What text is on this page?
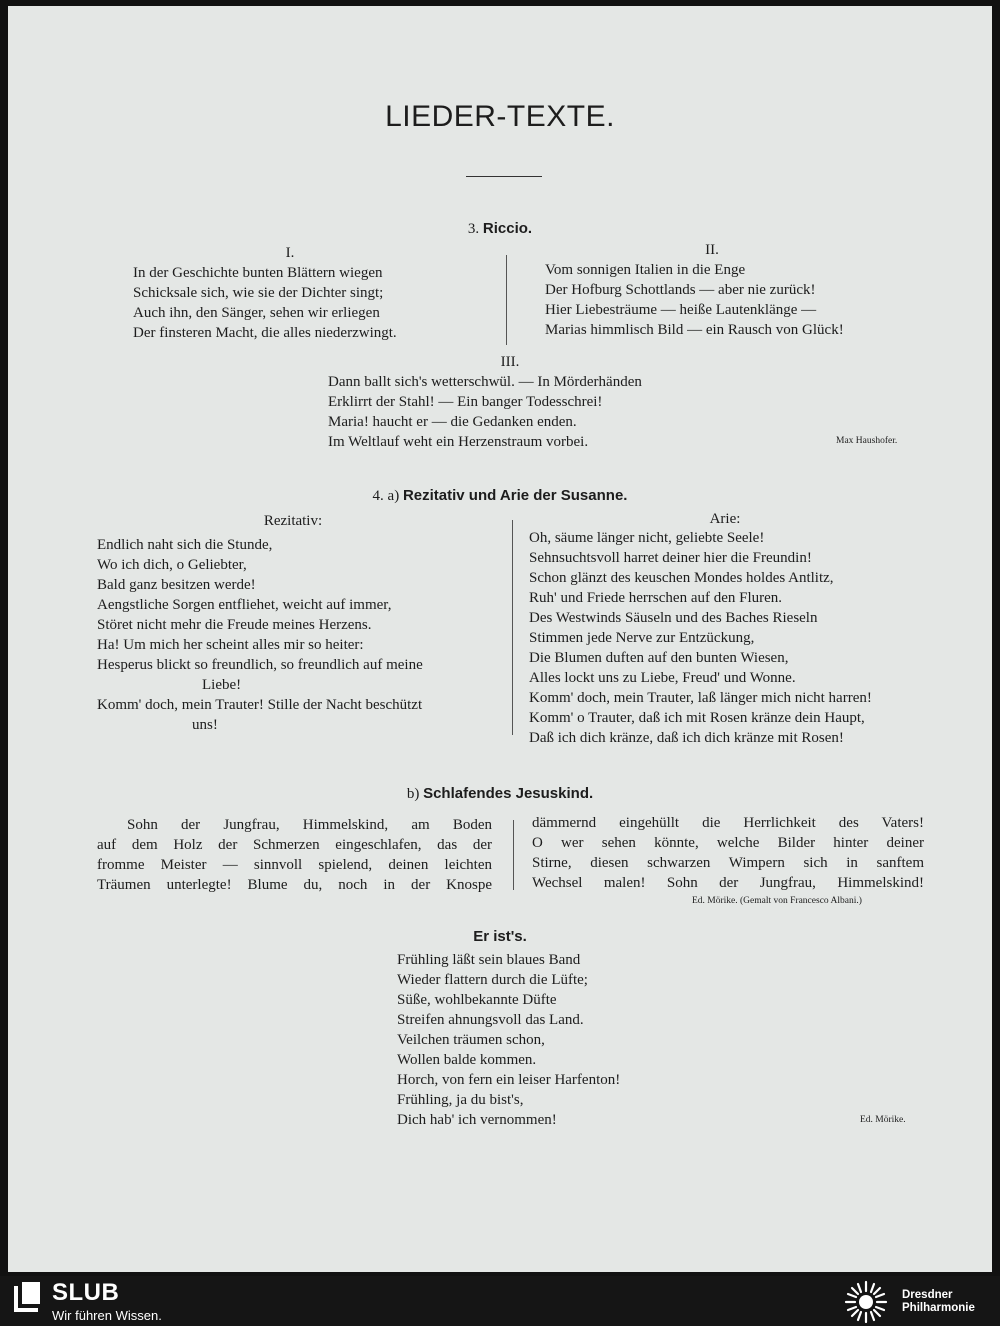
LIEDER-TEXTE.
3. Riccio.
I.
In der Geschichte bunten Blättern wiegen
Schicksale sich, wie sie der Dichter singt;
Auch ihn, den Sänger, sehen wir erliegen
Der finsteren Macht, die alles niederzwingt.
II.
Vom sonnigen Italien in die Enge
Der Hofburg Schottlands — aber nie zurück!
Hier Liebesträume — heiße Lautenklänge —
Marias himmlisch Bild — ein Rausch von Glück!
III.
Dann ballt sich's wetterschwül. — In Mörderhänden
Erklirrt der Stahl! — Ein banger Todesschrei!
Maria! haucht er — die Gedanken enden.
Im Weltlauf weht ein Herzenstraum vorbei.	Max Haushofer.
4. a) Rezitativ und Arie der Susanne.
Rezitativ:
Endlich naht sich die Stunde,
Wo ich dich, o Geliebter,
Bald ganz besitzen werde!
Aengstliche Sorgen entfliehet, weicht auf immer,
Störet nicht mehr die Freude meines Herzens.
Ha! Um mich her scheint alles mir so heiter:
Hesperus blickt so freundlich, so freundlich auf meine
Liebe!
Komm' doch, mein Trauter! Stille der Nacht beschützt
uns!
Arie:
Oh, säume länger nicht, geliebte Seele!
Sehnsuchtsvoll harret deiner hier die Freundin!
Schon glänzt des keuschen Mondes holdes Antlitz,
Ruh' und Friede herrschen auf den Fluren.
Des Westwinds Säuseln und des Baches Rieseln
Stimmen jede Nerve zur Entzückung,
Die Blumen duften auf den bunten Wiesen,
Alles lockt uns zu Liebe, Freud' und Wonne.
Komm' doch, mein Trauter, laß länger mich nicht harren!
Komm' o Trauter, daß ich mit Rosen kränze dein Haupt,
Daß ich dich kränze, daß ich dich kränze mit Rosen!
b) Schlafendes Jesuskind.
Sohn der Jungfrau, Himmelskind, am Boden
auf dem Holz der Schmerzen eingeschlafen, das der
fromme Meister — sinnvoll spielend, deinen leichten
Träumen unterlegte! Blume du, noch in der Knospe
dämmernd eingehüllt die Herrlichkeit des Vaters!
O wer sehen könnte, welche Bilder hinter deiner
Stirne, diesen schwarzen Wimpern sich in sanftem
Wechsel malen! Sohn der Jungfrau, Himmelskind!
Ed. Mörike. (Gemalt von Francesco Albani.)
Er ist's.
Frühling läßt sein blaues Band
Wieder flattern durch die Lüfte;
Süße, wohlbekannte Düfte
Streifen ahnungsvoll das Land.
Veilchen träumen schon,
Wollen balde kommen.
Horch, von fern ein leiser Harfenton!
Frühling, ja du bist's,
Dich hab' ich vernommen!	Ed. Mörike.
SLUB
Wir führen Wissen.
Dresdner
Philharmonie
